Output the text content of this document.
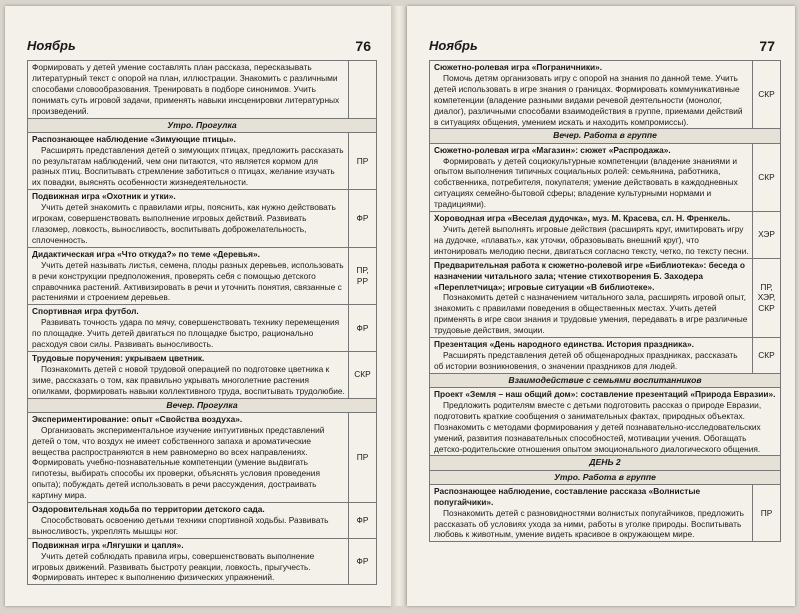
Ноябрь	76
Формировать у детей умение составлять план рассказа, пересказывать литературный текст с опорой на план, иллюстрации. Знакомить с различными способами словообразования. Тренировать в подборе синонимов. Учить понимать суть игровой задачи, применять навыки инсценировки литературных произведений.
Утро. Прогулка
Распознающее наблюдение «Зимующие птицы».
Расширять представления детей о зимующих птицах, предложить рассказать по результатам наблюдений, чем они питаются, что является кормом для разных птиц. Воспитывать стремление заботиться о птицах, желание изучать их повадки, выяснять особенности жизнедеятельности.
ПР
Подвижная игра «Охотник и утки».
Учить детей знакомить с правилами игры, пояснить, как нужно действовать игрокам, совершенствовать выполнение игровых действий. Развивать глазомер, ловкость, выносливость, воспитывать доброжелательность, сплоченность.
ФР
Дидактическая игра «Что откуда?» по теме «Деревья».
Учить детей называть листья, семена, плоды разных деревьев, использовать в речи конструкции предположения, проверять себя с помощью детского справочника растений. Активизировать в речи и уточнить понятия, связанные с растениями и строением деревьев.
ПР,
РР
Спортивная игра футбол.
Развивать точность удара по мячу, совершенствовать технику перемещения по площадке. Учить детей двигаться по площадке быстро, рационально расходуя свои силы. Развивать выносливость.
ФР
Трудовые поручения: укрываем цветник.
Познакомить детей с новой трудовой операцией по подготовке цветника к зиме, рассказать о том, как правильно укрывать многолетние растения опилками, формировать навыки коллективного труда, воспитывать трудолюбие.
СКР
Вечер. Прогулка
Экспериментирование: опыт «Свойства воздуха».
Организовать экспериментальное изучение интуитивных представлений детей о том, что воздух не имеет собственного запаха и ароматические вещества распространяются в нем равномерно во всех направлениях. Формировать учебно-познавательные компетенции (умение выдвигать гипотезы, выбирать способы их проверки, объяснять условия проведения опыта); побуждать детей использовать в речи рассуждения, достраивать картину мира.
ПР
Оздоровительная ходьба по территории детского сада.
Способствовать освоению детьми техники спортивной ходьбы. Развивать выносливость, укреплять мышцы ног.
ФР
Подвижная игра «Лягушки и цапля».
Учить детей соблюдать правила игры, совершенствовать выполнение игровых движений. Развивать быстроту реакции, ловкость, прыгучесть. Формировать интерес к выполнению физических упражнений.
ФР
Ноябрь	77
Сюжетно-ролевая игра «Пограничники».
Помочь детям организовать игру с опорой на знания по данной теме. Учить детей использовать в игре знания о границах. Формировать коммуникативные компетенции (владение разными видами речевой деятельности (монолог, диалог), различными способами взаимодействия в группе, приемами действий в ситуациях общения, умением искать и находить компромиссы).
СКР
Вечер. Работа в группе
Сюжетно-ролевая игра «Магазин»: сюжет «Распродажа».
Формировать у детей социокультурные компетенции (владение знаниями и опытом выполнения типичных социальных ролей: семьянина, работника, собственника, потребителя, покупателя; умение действовать в каждодневных ситуациях семейно-бытовой сферы; владение культурными нормами и традициями).
СКР
Хороводная игра «Веселая дудочка», муз. М. Красева, сл. Н. Френкель.
Учить детей выполнять игровые действия (расширять круг, имитировать игру на дудочке, «плавать», как уточки, образовывать внешний круг), что интонировать мелодию песни, двигаться согласно тексту, четко, по тексту песни.
ХЭР
Предварительная работа к сюжетно-ролевой игре «Библиотека»: беседа о назначении читального зала; чтение стихотворения Б. Заходера «Переплетчица»; игровые ситуации «В библиотеке».
Познакомить детей с назначением читального зала, расширять игровой опыт, знакомить с правилами поведения в общественных местах. Учить детей применять в игре свои знания и трудовые умения, передавать в игре различные трудовые действия, эмоции.
ПР,
ХЭР,
СКР
Презентация «День народного единства. История праздника».
Расширять представления детей об общенародных праздниках, рассказать об истории возникновения, о значении праздников для людей.
СКР
Взаимодействие с семьями воспитанников
Проект «Земля – наш общий дом»: составление презентаций «Природа Евразии».
Предложить родителям вместе с детьми подготовить рассказ о природе Евразии, подготовить краткие сообщения о занимательных фактах, природных объектах. Познакомить с методами формирования у детей познавательно-исследовательских умений, развития познавательных способностей, мотивации учения. Обогащать детско-родительские отношения опытом эмоционального диалогического общения.
ДЕНЬ 2
Утро. Работа в группе
Распознающее наблюдение, составление рассказа «Волнистые попугайчики».
Познакомить детей с разновидностями волнистых попугайчиков, предложить рассказать об условиях ухода за ними, работы в уголке природы. Воспитывать любовь к животным, умение видеть красивое в окружающем мире.
ПР
